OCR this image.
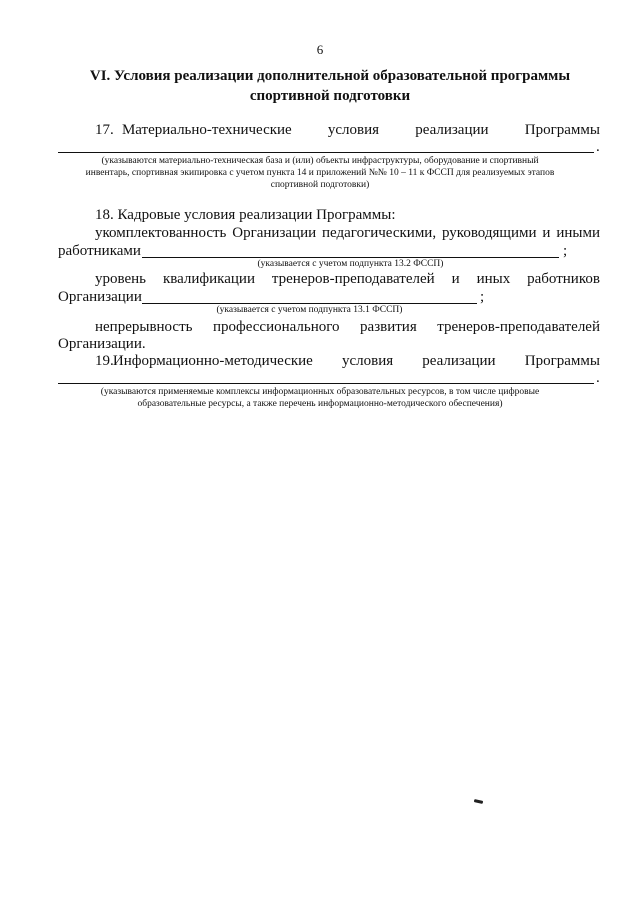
6
VI. Условия реализации дополнительной образовательной программы
спортивной подготовки
17. Материально-технические условия реализации Программы
.
(указываются материально-техническая база и (или) объекты инфраструктуры, оборудование и спортивный
инвентарь, спортивная экипировка с учетом пункта 14 и приложений №№ 10 – 11 к ФССП для реализуемых этапов
спортивной подготовки)
18. Кадровые условия реализации Программы:
укомплектованность Организации педагогическими, руководящими и иными
работниками	;
(указывается с учетом подпункта 13.2 ФССП)
уровень квалификации тренеров-преподавателей и иных работников
Организации	;
(указывается с учетом подпункта 13.1 ФССП)
непрерывность профессионального развития тренеров-преподавателей
Организации.
19. Информационно-методические условия реализации Программы
.
(указываются применяемые комплексы информационных образовательных ресурсов, в том числе цифровые
образовательные ресурсы, а также перечень информационно-методического обеспечения)
